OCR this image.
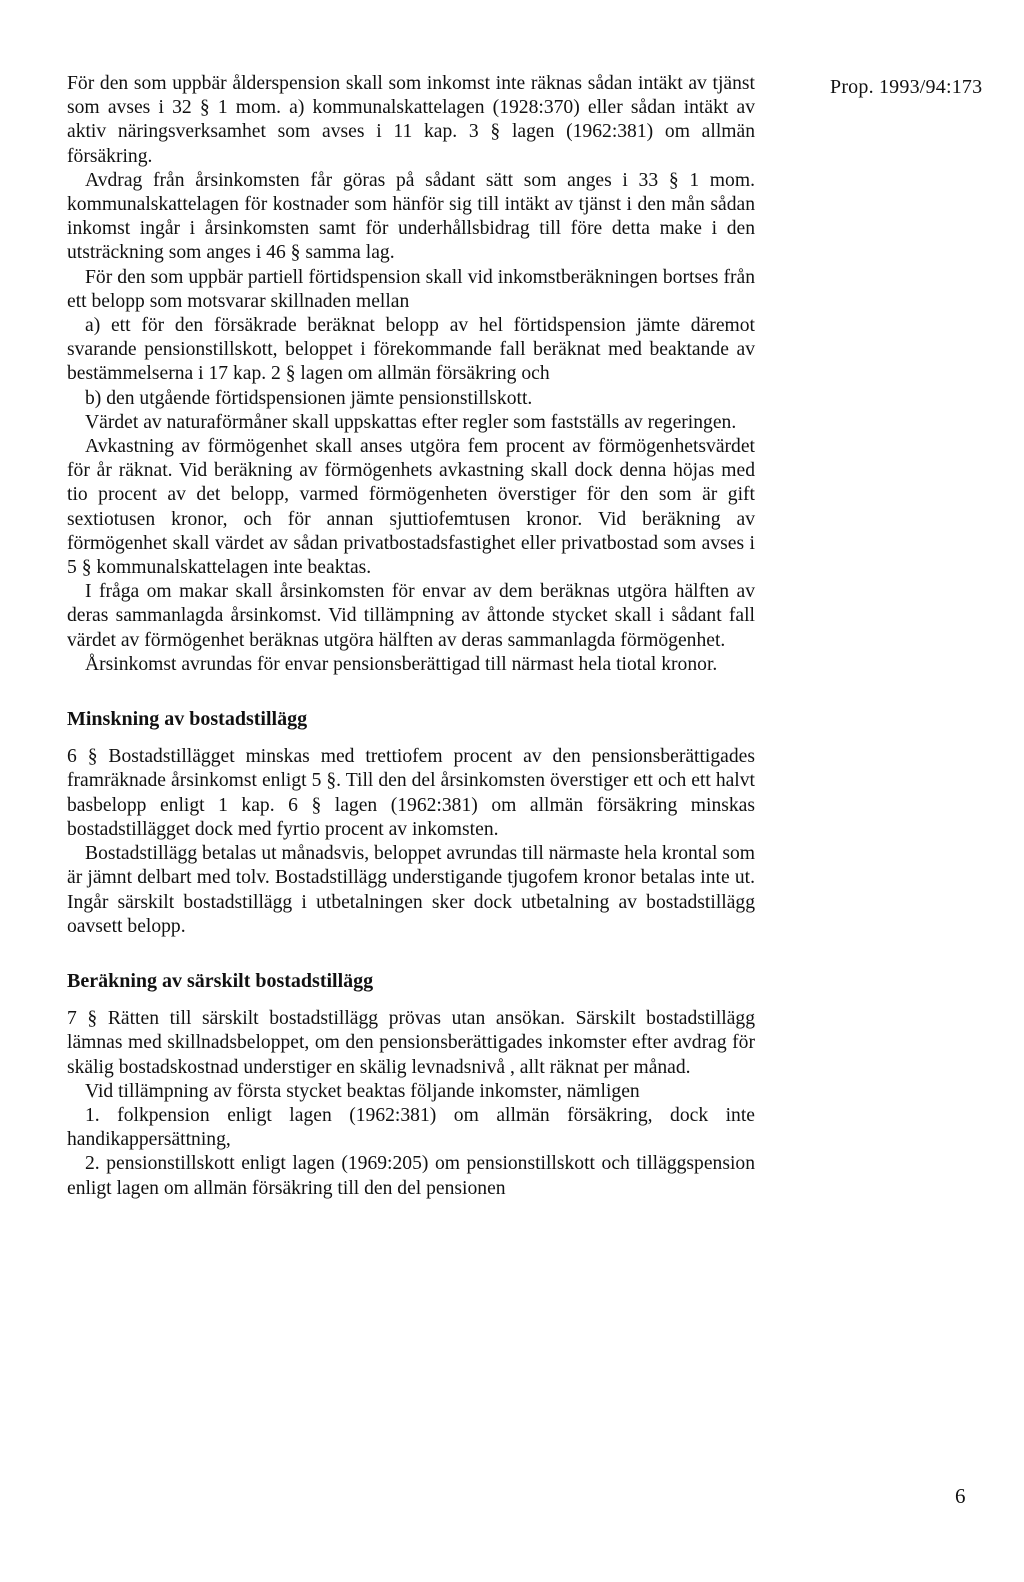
Prop. 1993/94:173

För den som uppbär ålderspension skall som inkomst inte räknas sådan intäkt av tjänst som avses i 32 § 1 mom. a) kommunalskattelagen (1928:370) eller sådan intäkt av aktiv näringsverksamhet som avses i 11 kap. 3 § lagen (1962:381) om allmän försäkring.

Avdrag från årsinkomsten får göras på sådant sätt som anges i 33 § 1 mom. kommunalskattelagen för kostnader som hänför sig till intäkt av tjänst i den mån sådan inkomst ingår i årsinkomsten samt för underhållsbidrag till före detta make i den utsträckning som anges i 46 § samma lag.

För den som uppbär partiell förtidspension skall vid inkomstberäkningen bortses från ett belopp som motsvarar skillnaden mellan

a) ett för den försäkrade beräknat belopp av hel förtidspension jämte däremot svarande pensionstillskott, beloppet i förekommande fall beräknat med beaktande av bestämmelserna i 17 kap. 2 § lagen om allmän försäkring och

b) den utgående förtidspensionen jämte pensionstillskott.

Värdet av naturaförmåner skall uppskattas efter regler som fastställs av regeringen.

Avkastning av förmögenhet skall anses utgöra fem procent av förmögenhetsvärdet för år räknat. Vid beräkning av förmögenhets avkastning skall dock denna höjas med tio procent av det belopp, varmed förmögenheten överstiger för den som är gift sextiotusen kronor, och för annan sjuttiofemtusen kronor. Vid beräkning av förmögenhet skall värdet av sådan privatbostadsfastighet eller privatbostad som avses i 5 § kommunalskattelagen inte beaktas.

I fråga om makar skall årsinkomsten för envar av dem beräknas utgöra hälften av deras sammanlagda årsinkomst. Vid tillämpning av åttonde stycket skall i sådant fall värdet av förmögenhet beräknas utgöra hälften av deras sammanlagda förmögenhet.

Årsinkomst avrundas för envar pensionsberättigad till närmast hela tiotal kronor.

Minskning av bostadstillägg

6 § Bostadstillägget minskas med trettiofem procent av den pensionsberättigades framräknade årsinkomst enligt 5 §. Till den del årsinkomsten överstiger ett och ett halvt basbelopp enligt 1 kap. 6 § lagen (1962:381) om allmän försäkring minskas bostadstillägget dock med fyrtio procent av inkomsten.

Bostadstillägg betalas ut månadsvis, beloppet avrundas till närmaste hela krontal som är jämnt delbart med tolv. Bostadstillägg understigande tjugofem kronor betalas inte ut. Ingår särskilt bostadstillägg i utbetalningen sker dock utbetalning av bostadstillägg oavsett belopp.

Beräkning av särskilt bostadstillägg

7 § Rätten till särskilt bostadstillägg prövas utan ansökan. Särskilt bostadstillägg lämnas med skillnadsbeloppet, om den pensionsberättigades inkomster efter avdrag för skälig bostadskostnad understiger en skälig levnadsnivå , allt räknat per månad.

Vid tillämpning av första stycket beaktas följande inkomster, nämligen

1. folkpension enligt lagen (1962:381) om allmän försäkring, dock inte handikappersättning,

2. pensionstillskott enligt lagen (1969:205) om pensionstillskott och tilläggspension enligt lagen om allmän försäkring till den del pensionen

6
